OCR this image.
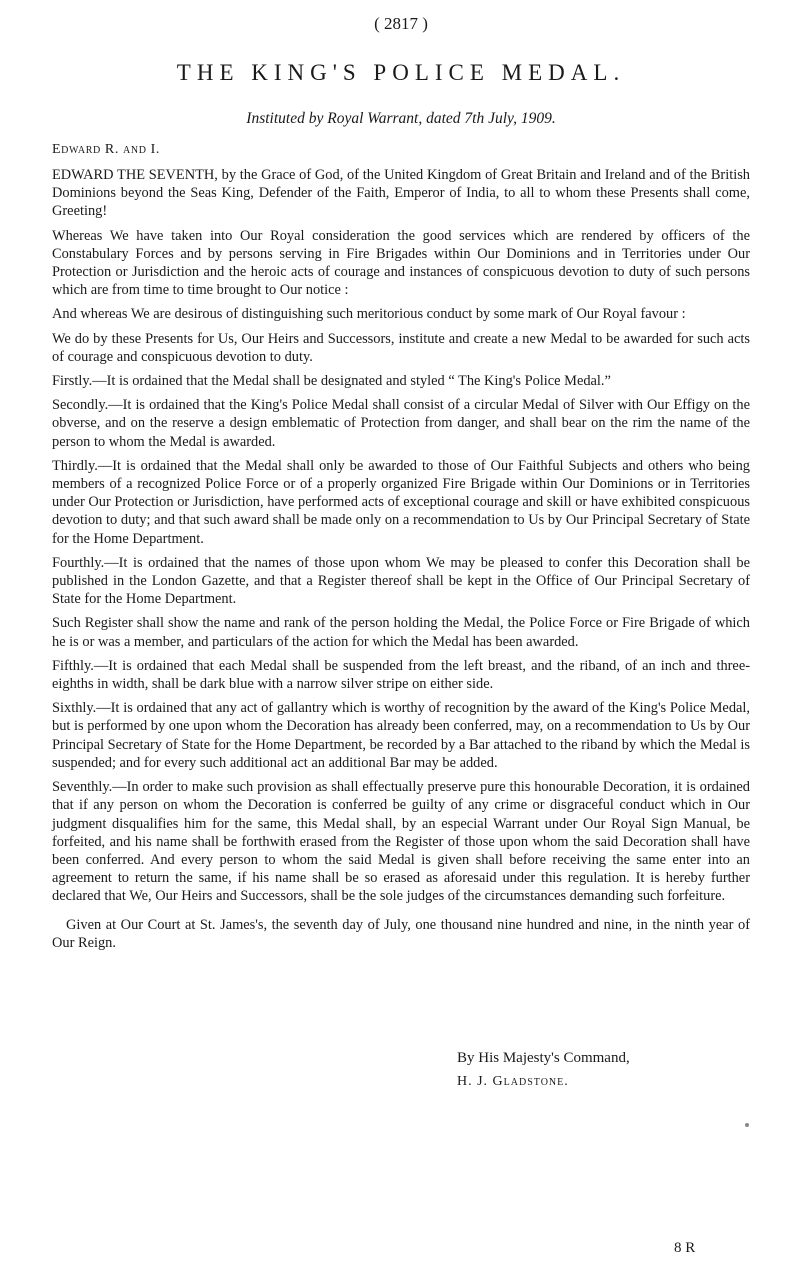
( 2817 )
THE KING'S POLICE MEDAL.
Instituted by Royal Warrant, dated 7th July, 1909.
Edward R. and I.

EDWARD THE SEVENTH, by the Grace of God, of the United Kingdom of Great Britain and Ireland and of the British Dominions beyond the Seas King, Defender of the Faith, Emperor of India, to all to whom these Presents shall come, Greeting!

Whereas We have taken into Our Royal consideration the good services which are rendered by officers of the Constabulary Forces and by persons serving in Fire Brigades within Our Dominions and in Territories under Our Protection or Jurisdiction and the heroic acts of courage and instances of conspicuous devotion to duty of such persons which are from time to time brought to Our notice :

And whereas We are desirous of distinguishing such meritorious conduct by some mark of Our Royal favour :

We do by these Presents for Us, Our Heirs and Successors, institute and create a new Medal to be awarded for such acts of courage and conspicuous devotion to duty.

Firstly.—It is ordained that the Medal shall be designated and styled “ The King's Police Medal.”

Secondly.—It is ordained that the King's Police Medal shall consist of a circular Medal of Silver with Our Effigy on the obverse, and on the reserve a design emblematic of Protection from danger, and shall bear on the rim the name of the person to whom the Medal is awarded.

Thirdly.—It is ordained that the Medal shall only be awarded to those of Our Faithful Subjects and others who being members of a recognized Police Force or of a properly organized Fire Brigade within Our Dominions or in Territories under Our Protection or Jurisdiction, have performed acts of exceptional courage and skill or have exhibited conspicuous devotion to duty; and that such award shall be made only on a recommendation to Us by Our Principal Secretary of State for the Home Department.

Fourthly.—It is ordained that the names of those upon whom We may be pleased to confer this Decoration shall be published in the London Gazette, and that a Register thereof shall be kept in the Office of Our Principal Secretary of State for the Home Department.

Such Register shall show the name and rank of the person holding the Medal, the Police Force or Fire Brigade of which he is or was a member, and particulars of the action for which the Medal has been awarded.

Fifthly.—It is ordained that each Medal shall be suspended from the left breast, and the riband, of an inch and three-eighths in width, shall be dark blue with a narrow silver stripe on either side.

Sixthly.—It is ordained that any act of gallantry which is worthy of recognition by the award of the King's Police Medal, but is performed by one upon whom the Decoration has already been conferred, may, on a recommendation to Us by Our Principal Secretary of State for the Home Department, be recorded by a Bar attached to the riband by which the Medal is suspended; and for every such additional act an additional Bar may be added.

Seventhly.—In order to make such provision as shall effectually preserve pure this honourable Decoration, it is ordained that if any person on whom the Decoration is conferred be guilty of any crime or disgraceful conduct which in Our judgment disqualifies him for the same, this Medal shall, by an especial Warrant under Our Royal Sign Manual, be forfeited, and his name shall be forthwith erased from the Register of those upon whom the said Decoration shall have been conferred. And every person to whom the said Medal is given shall before receiving the same enter into an agreement to return the same, if his name shall be so erased as aforesaid under this regulation. It is hereby further declared that We, Our Heirs and Successors, shall be the sole judges of the circumstances demanding such forfeiture.

Given at Our Court at St. James's, the seventh day of July, one thousand nine hundred and nine, in the ninth year of Our Reign.

By His Majesty's Command,
H. J. Gladstone.
8 R
